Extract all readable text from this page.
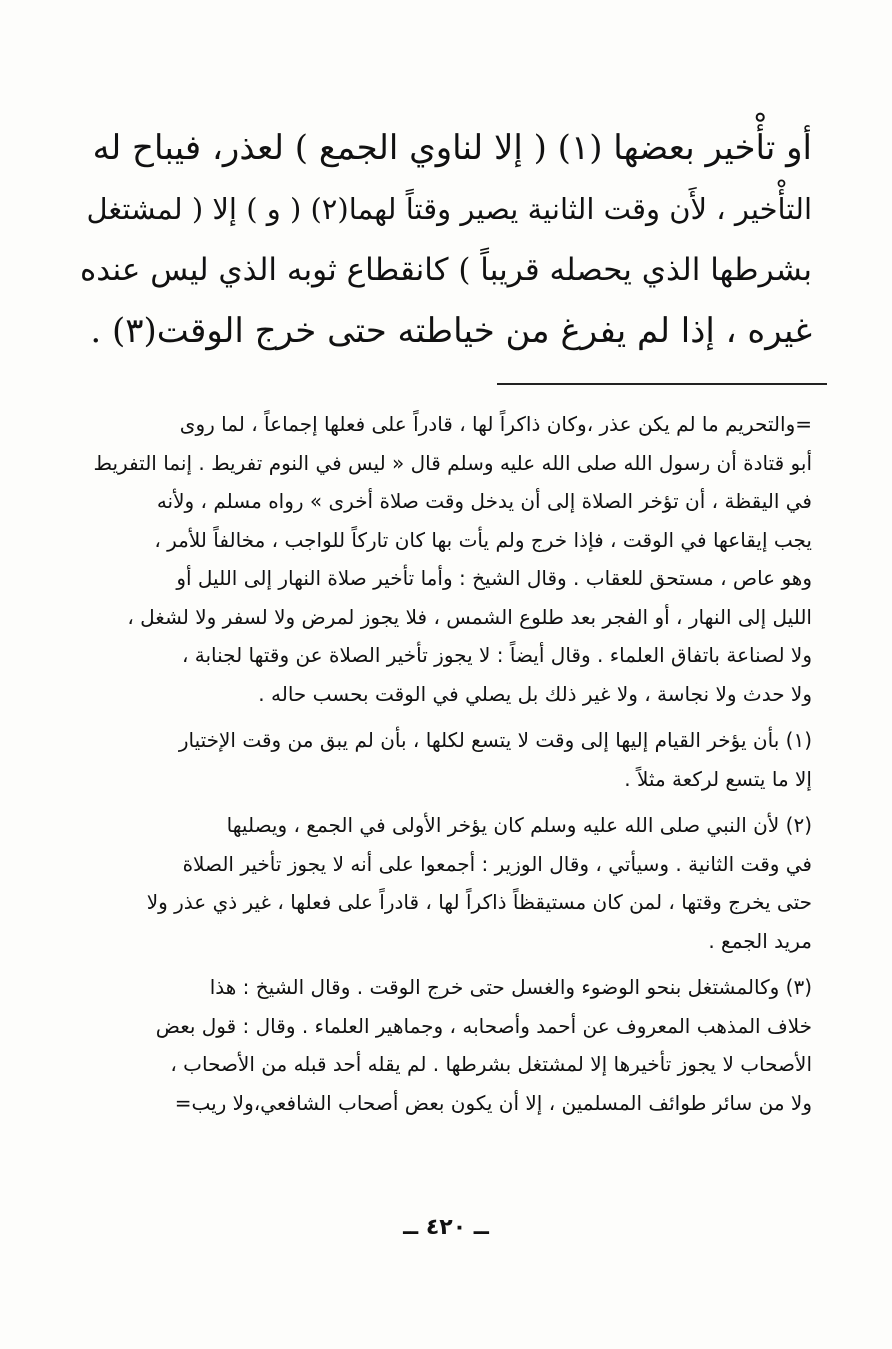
أو تأْخير بعضها (١) ( إلا لناوي الجمع ) لعذر، فيباح له
التأْخير ، لأَن وقت الثانية يصير وقتاً لهما(٢) ( و ) إلا ( لمشتغل
بشرطها الذي يحصله قريباً ) كانقطاع ثوبه الذي ليس عنده
غيره ، إذا لم يفرغ من خياطته حتى خرج الوقت(٣) .
=والتحريم ما لم يكن عذر ،وكان ذاكراً لها ، قادراً على فعلها إجماعاً ، لما روى
أبو قتادة أن رسول الله صلى الله عليه وسلم قال « ليس في النوم تفريط . إنما التفريط
في اليقظة ، أن تؤخر الصلاة إلى أن يدخل وقت صلاة أخرى » رواه مسلم ، ولأنه
يجب إيقاعها في الوقت ، فإذا خرج ولم يأت بها كان تاركاً للواجب ، مخالفاً للأمر ،
وهو عاص ، مستحق للعقاب . وقال الشيخ : وأما تأخير صلاة النهار إلى الليل أو
الليل إلى النهار ، أو الفجر بعد طلوع الشمس ، فلا يجوز لمرض ولا لسفر ولا لشغل ،
ولا لصناعة باتفاق العلماء . وقال أيضاً : لا يجوز تأخير الصلاة عن وقتها لجنابة ،
ولا حدث ولا نجاسة ، ولا غير ذلك بل يصلي في الوقت بحسب حاله .
(١) بأن يؤخر القيام إليها إلى وقت لا يتسع لكلها ، بأن لم يبق من وقت الإختيار
إلا ما يتسع لركعة مثلاً .
(٢) لأن النبي صلى الله عليه وسلم كان يؤخر الأولى في الجمع ، ويصليها
في وقت الثانية . وسيأتي ، وقال الوزير : أجمعوا على أنه لا يجوز تأخير الصلاة
حتى يخرج وقتها ، لمن كان مستيقظاً ذاكراً لها ، قادراً على فعلها ، غير ذي عذر ولا
مريد الجمع .
(٣) وكالمشتغل بنحو الوضوء والغسل حتى خرج الوقت . وقال الشيخ : هذا
خلاف المذهب المعروف عن أحمد وأصحابه ، وجماهير العلماء . وقال : قول بعض
الأصحاب لا يجوز تأخيرها إلا لمشتغل بشرطها . لم يقله أحد قبله من الأصحاب ،
ولا من سائر طوائف المسلمين ، إلا أن يكون بعض أصحاب الشافعي،ولا ريب=
ــ ٤٢٠ ــ
